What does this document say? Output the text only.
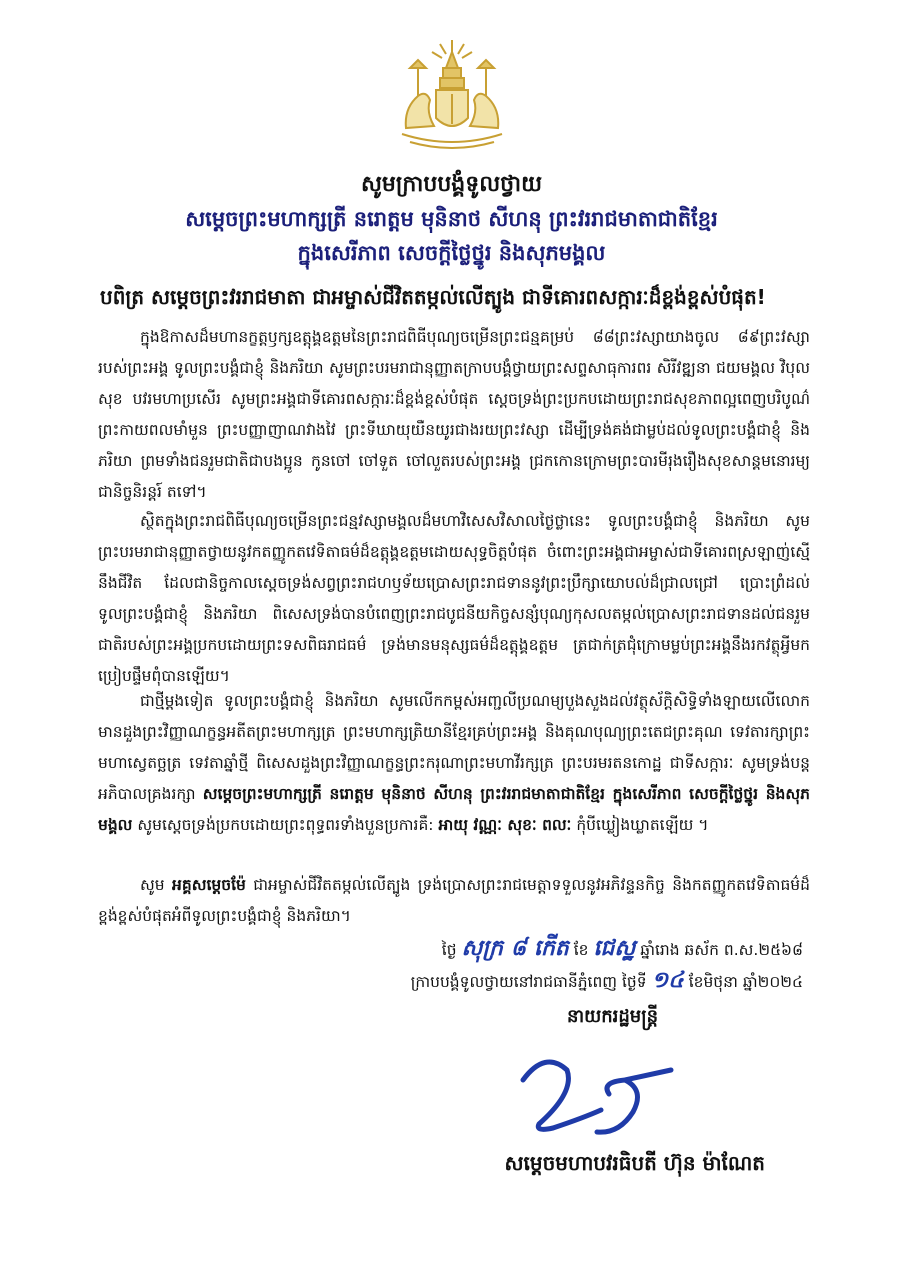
សូមក្រាបបង្គំទូលថ្វាយ
សម្តេចព្រះមហាក្សត្រី នរោត្តម មុនិនាថ សីហនុ ព្រះវររាជមាតាជាតិខ្មែរ
ក្នុងសេរីភាព សេចក្តីថ្លៃថ្នូរ និងសុភមង្គល
បពិត្រ សម្តេចព្រះវររាជមាតា ជាអម្ចាស់ជីវិតតម្កល់លើត្បូង ជាទីគោរពសក្ការៈដ៏ខ្ពង់ខ្ពស់បំផុត!

ក្នុងឱកាសដ៏មហានក្ខត្តឫក្សឧត្តុង្គឧត្តមនៃព្រះរាជពិធីបុណ្យចម្រើនព្រះជន្មគម្រប់ ៨៨ព្រះវស្សាយាងចូល ៨៩ព្រះវស្សា របស់ព្រះអង្គ ទូលព្រះបង្គំជាខ្ញុំ និងភរិយា សូមព្រះបរមរាជានុញ្ញាតក្រាបបង្គំថ្វាយព្រះសព្ទសាធុការពរ សិរីវឌ្ឍនា ជយមង្គល វិបុលសុខ បវរមហាប្រសើរ សូមព្រះអង្គជាទីគោរពសក្ការៈដ៏ខ្ពង់ខ្ពស់បំផុត ស្តេចទ្រង់ព្រះប្រកបដោយព្រះរាជសុខភាពល្អពេញបរិបូណ៌ ព្រះកាយពលមាំមួន ព្រះបញ្ញាញាណវាងវៃ ព្រះទីឃាយុយឺនយូរជាងរយព្រះវស្សា ដើម្បីទ្រង់គង់ជាម្លប់ដល់ទូលព្រះបង្គំជាខ្ញុំ និងភរិយា ព្រមទាំងជនរួមជាតិជាបងប្អូន កូនចៅ ចៅទួត ចៅលួតរបស់ព្រះអង្គ ជ្រកកោនក្រោមព្រះបារមីរុងរឿងសុខសាន្តមនោរម្យជានិច្ចនិរន្តរ៍ តទៅ។

ស្ថិតក្នុងព្រះរាជពិធីបុណ្យចម្រើនព្រះជន្មវស្សាមង្គលដ៏មហាវិសេសវិសាលថ្ងៃថ្លានេះ ទូលព្រះបង្គំជាខ្ញុំ និងភរិយា សូមព្រះបរមរាជានុញ្ញាតថ្វាយនូវកតញ្ញូកតវេទិតាធម៌ដ៏ឧត្តុង្គឧត្តមដោយសុទ្ធចិត្តបំផុត ចំពោះព្រះអង្គជាអម្ចាស់ជាទីគោរពស្រឡាញ់ស្មើនឹងជីវិត ដែលជានិច្ចកាលស្តេចទ្រង់សព្វព្រះរាជហឫទ័យប្រោសព្រះរាជទាននូវព្រះប្រឹក្សាយោបល់ដ៏ជ្រាលជ្រៅ ប្រោះព្រំដល់ទូលព្រះបង្គំជាខ្ញុំ និងភរិយា ពិសេសទ្រង់បានបំពេញព្រះរាជបូជនីយកិច្ចសន្សំបុណ្យកុសលតម្កល់ប្រោសព្រះរាជទានដល់ជនរួមជាតិរបស់ព្រះអង្គប្រកបដោយព្រះទសពិធរាជធម៌ ទ្រង់មានមនុស្សធម៌ដ៏ឧត្តុង្គឧត្តម ត្រជាក់ត្រជុំក្រោមម្លប់ព្រះអង្គនឹងរកវត្ថុអ្វីមកប្រៀបផ្ទឹមពុំបានឡើយ។

ជាថ្មីម្តងទៀត ទូលព្រះបង្គំជាខ្ញុំ និងភរិយា សូមលើកកម្ពស់អញ្ជលីប្រណម្យបួងសួងដល់វត្ថុស័ក្តិសិទ្ធិទាំងឡាយលើលោកមានដួងព្រះវិញ្ញាណក្ខន្ធអតីតព្រះមហាក្សត្រ ព្រះមហាក្សត្រិយានីខ្មែរគ្រប់ព្រះអង្គ និងគុណបុណ្យព្រះតេជព្រះគុណ ទេវតារក្សាព្រះមហាស្វេតច្ឆត្រ ទេវតាឆ្នាំថ្មី ពិសេសដួងព្រះវិញ្ញាណក្ខន្ធព្រះករុណាព្រះមហាវីរក្សត្រ ព្រះបរមរតនកោដ្ឋ ជាទីសក្ការៈ សូមទ្រង់បន្តអភិបាលគ្រងរក្សា សម្តេចព្រះមហាក្សត្រី នរោត្តម មុនិនាថ សីហនុ ព្រះវររាជមាតាជាតិខ្មែរ ក្នុងសេរីភាព សេចក្តីថ្លៃថ្នូរ និងសុភមង្គល សូមស្តេចទ្រង់ប្រកបដោយព្រះពុទ្ធពរទាំងបួនប្រការគឺ: អាយុ វណ្ណៈ សុខៈ ពលៈ កុំបីឃ្លៀងឃ្លាតឡើយ ។

សូម អគ្គសម្តេចម៉ែ ជាអម្ចាស់ជីវិតតម្កល់លើត្បូង ទ្រង់ប្រោសព្រះរាជមេត្តាទទួលនូវអភិវន្ទនកិច្ច និងកតញ្ញូកតវេទិតាធម៌ដ៏ខ្ពង់ខ្ពស់បំផុតអំពីទូលព្រះបង្គំជាខ្ញុំ និងភរិយា។

ថ្ងៃ សុក្រ ៨ កើត ខែ ជេស្ឋ ឆ្នាំរោង ឆស័ក ព.ស.២៥៦៨
ក្រាបបង្គំទូលថ្វាយនៅរាជធានីភ្នំពេញ ថ្ងៃទី ១៤ ខែមិថុនា ឆ្នាំ២០២៤
នាយករដ្ឋមន្ត្រី
សម្តេចមហាបវរធិបតី ហ៊ុន ម៉ាណែត
